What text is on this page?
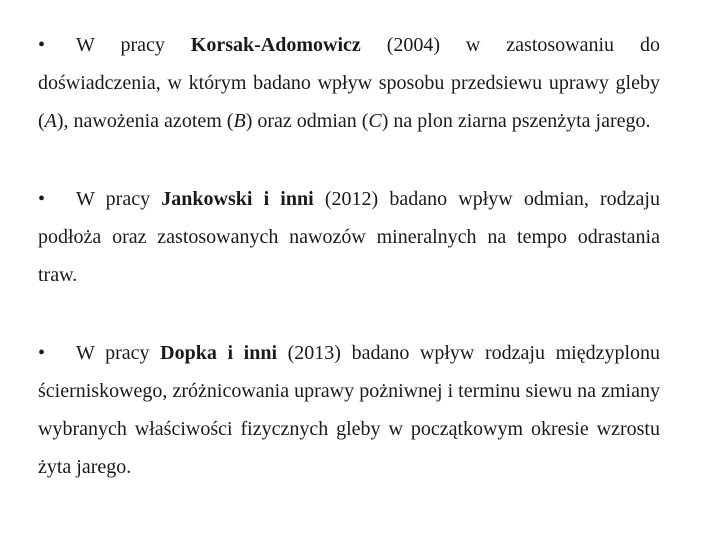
• W pracy Korsak-Adomowicz (2004) w zastosowaniu do doświadczenia, w którym badano wpływ sposobu przedsiewu uprawy gleby (A), nawożenia azotem (B) oraz odmian (C) na plon ziarna pszenżyta jarego.

• W pracy Jankowski i inni (2012) badano wpływ odmian, rodzaju podłoża oraz zastosowanych nawozów mineralnych na tempo odrastania traw.

• W pracy Dopka i inni (2013) badano wpływ rodzaju międzyplonu ścierniskowego, zróżnicowania uprawy pożniwnej i terminu siewu na zmiany wybranych właściwości fizycznych gleby w początkowym okresie wzrostu żyta jarego.
